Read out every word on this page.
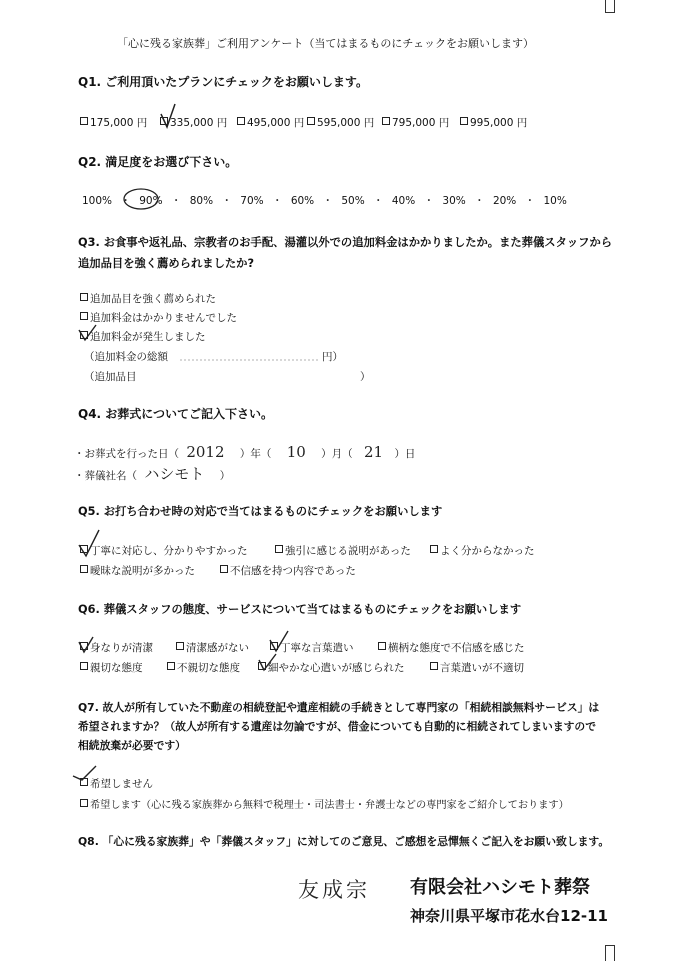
「心に残る家族葬」ご利用アンケート（当てはまるものにチェックをお願いします）
Q1. ご利用頂いたプランにチェックをお願いします。
175,000 円	335,000 円	495,000 円	595,000 円	795,000 円	995,000 円
Q2. 満足度をお選び下さい。
100% ・ 90% ・ 80% ・ 70% ・ 60% ・ 50% ・ 40% ・ 30% ・ 20% ・ 10%
Q3. お食事や返礼品、宗教者のお手配、湯灌以外での追加料金はかかりましたか。また葬儀スタッフから
追加品目を強く薦められましたか?
追加品目を強く薦められた
追加料金はかかりませんでした
追加料金が発生しました
（追加料金の総額	円）
（追加品目	）
Q4. お葬式についてご記入下さい。
・お葬式を行った日（ 2012 ）年（ 10 ）月（ 21 ）日
・葬儀社名（ ハシモト ）
Q5. お打ち合わせ時の対応で当てはまるものにチェックをお願いします
丁寧に対応し、分かりやすかった	強引に感じる説明があった	よく分からなかった
曖昧な説明が多かった	不信感を持つ内容であった
Q6. 葬儀スタッフの態度、サービスについて当てはまるものにチェックをお願いします
身なりが清潔	清潔感がない	丁寧な言葉遣い	横柄な態度で不信感を感じた
親切な態度	不親切な態度	細やかな心遣いが感じられた	言葉遣いが不適切
Q7. 故人が所有していた不動産の相続登記や遺産相続の手続きとして専門家の「相続相談無料サービス」は
希望されますか？（故人が所有する遺産は勿論ですが、借金についても自動的に相続されてしまいますので
相続放棄が必要です）
希望しません
希望します（心に残る家族葬から無料で税理士・司法書士・弁護士などの専門家をご紹介しております）
Q8. 「心に残る家族葬」や「葬儀スタッフ」に対してのご意見、ご感想を忌憚無くご記入をお願い致します。
友成宗 有限会社ハシモト葬祭
神奈川県平塚市花水台12-11
